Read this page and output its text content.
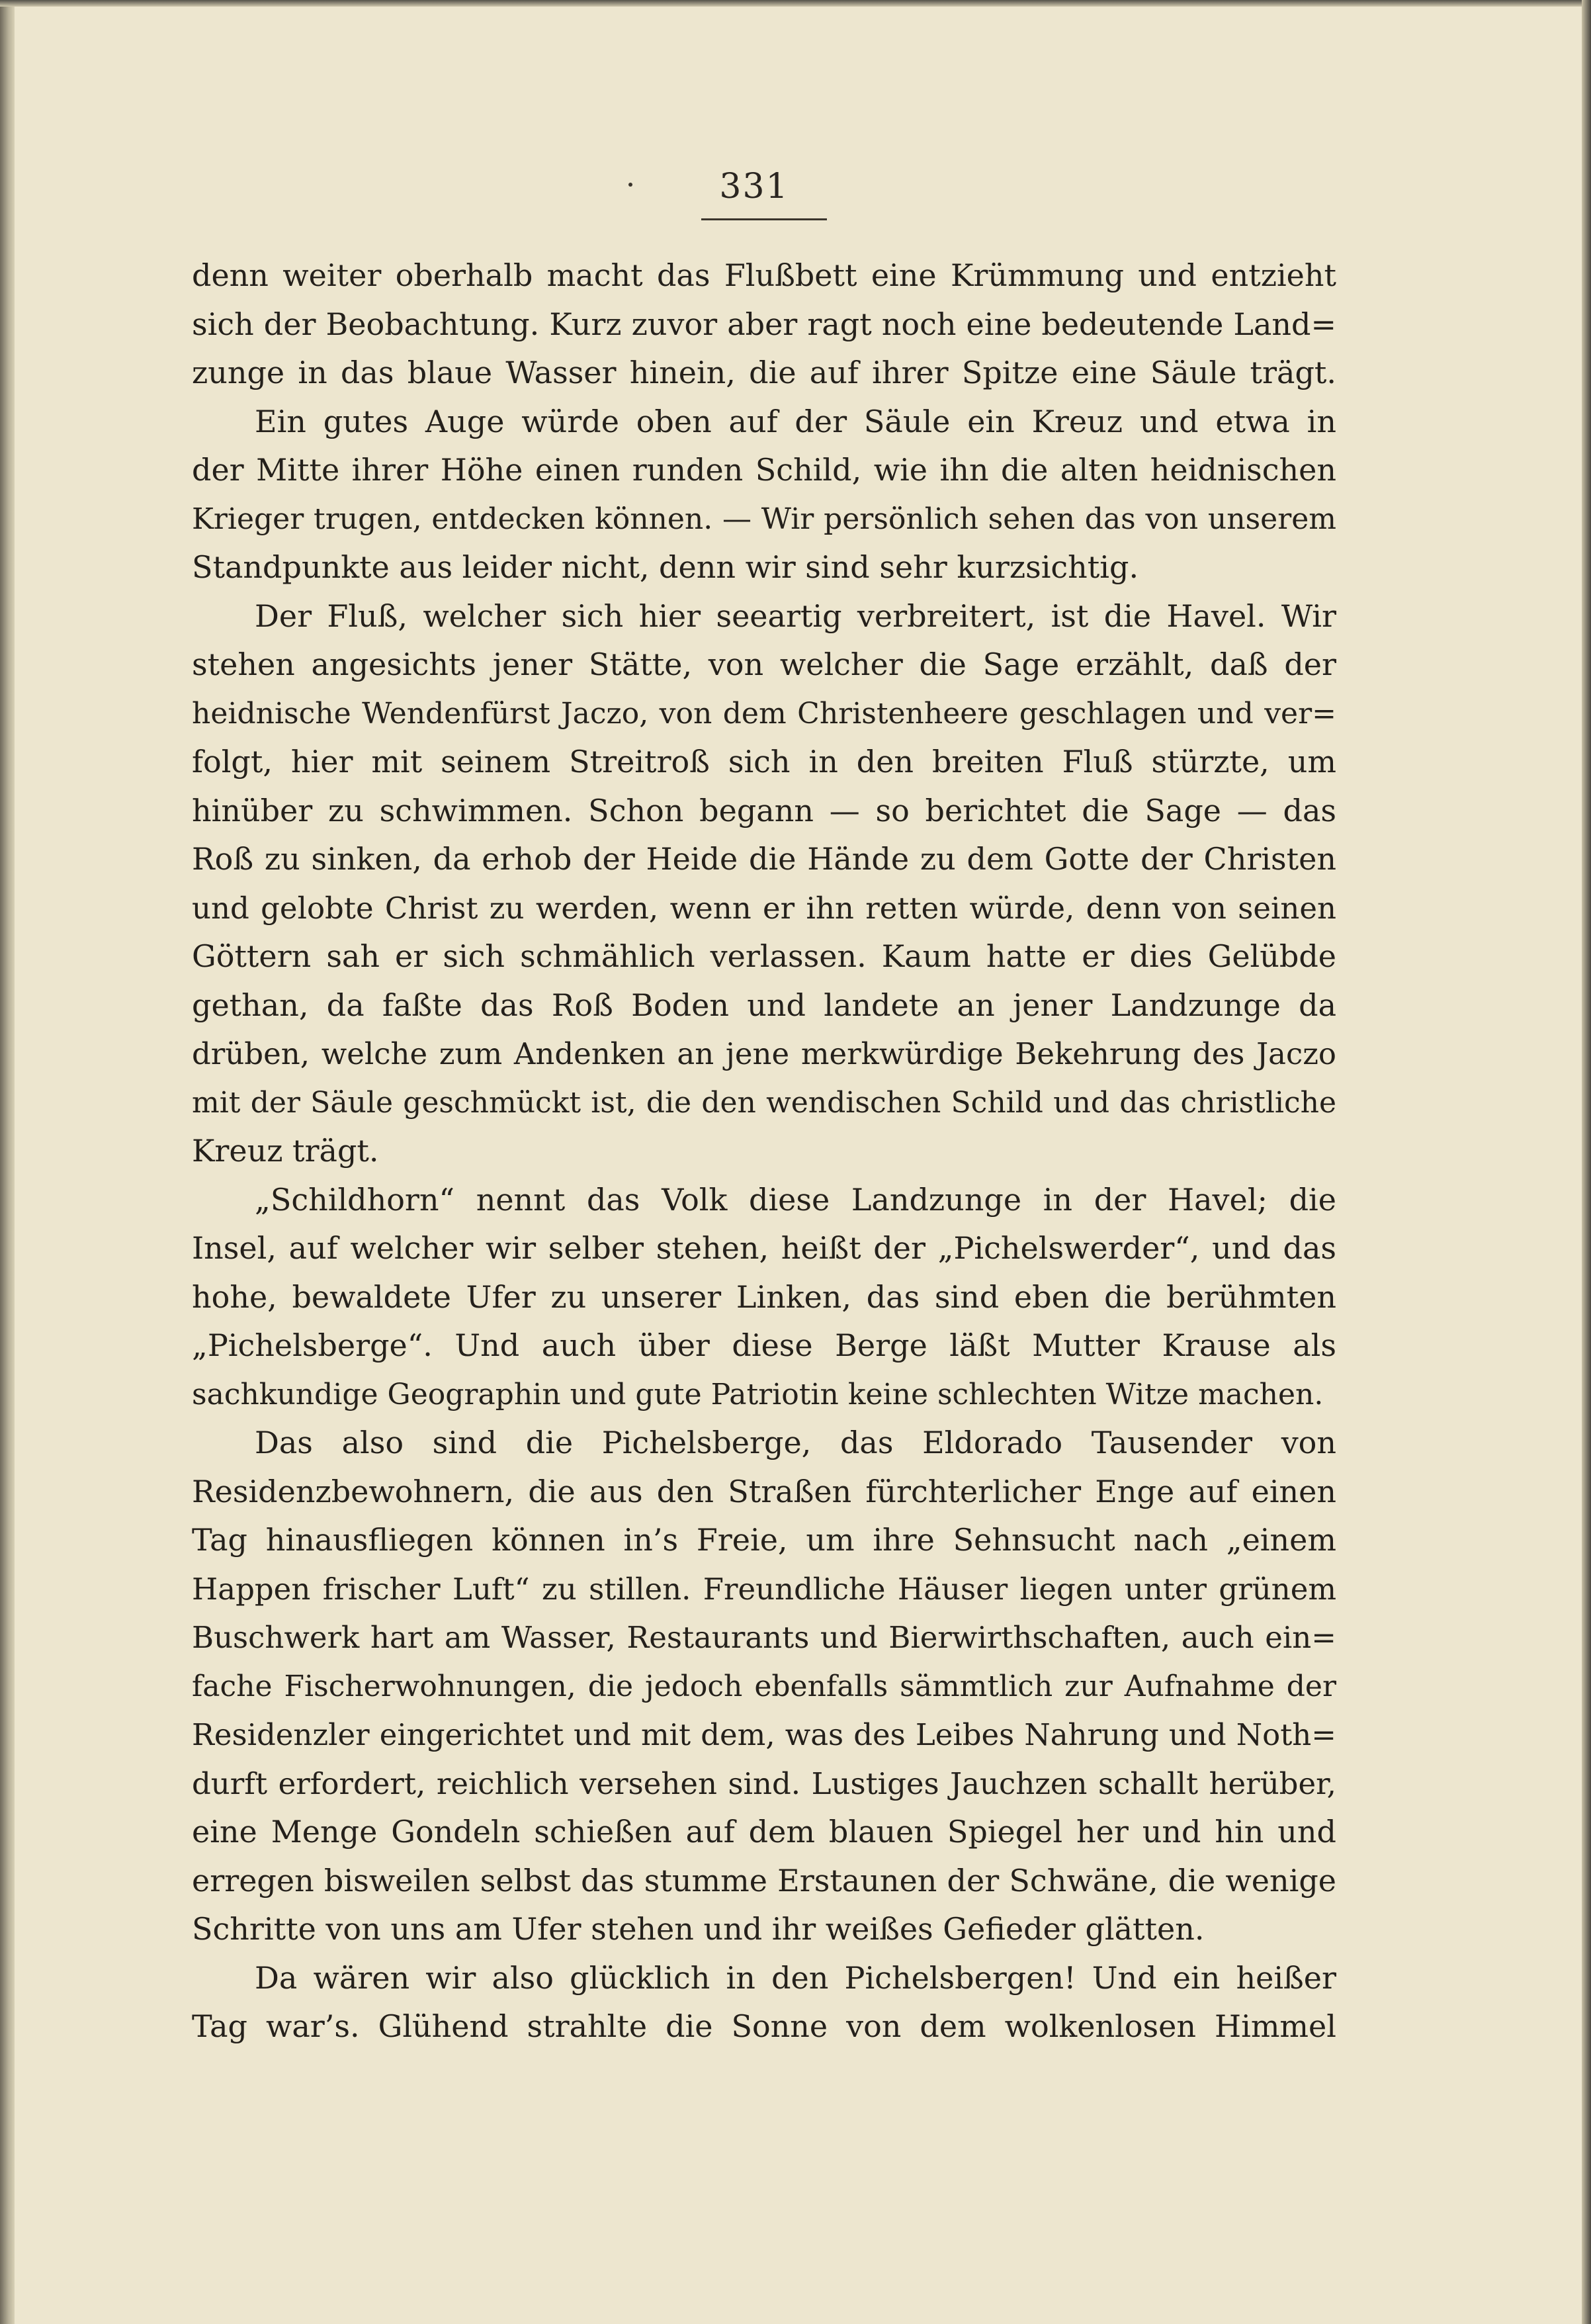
331
denn weiter oberhalb macht das Flußbett eine Krümmung und entzieht
sich der Beobachtung. Kurz zuvor aber ragt noch eine bedeutende Land=
zunge in das blaue Wasser hinein, die auf ihrer Spitze eine Säule trägt.
Ein gutes Auge würde oben auf der Säule ein Kreuz und etwa in
der Mitte ihrer Höhe einen runden Schild, wie ihn die alten heidnischen
Krieger trugen, entdecken können. — Wir persönlich sehen das von unserem
Standpunkte aus leider nicht, denn wir sind sehr kurzsichtig.
Der Fluß, welcher sich hier seeartig verbreitert, ist die Havel. Wir
stehen angesichts jener Stätte, von welcher die Sage erzählt, daß der
heidnische Wendenfürst Jaczo, von dem Christenheere geschlagen und ver=
folgt, hier mit seinem Streitroß sich in den breiten Fluß stürzte, um
hinüber zu schwimmen. Schon begann — so berichtet die Sage — das
Roß zu sinken, da erhob der Heide die Hände zu dem Gotte der Christen
und gelobte Christ zu werden, wenn er ihn retten würde, denn von seinen
Göttern sah er sich schmählich verlassen. Kaum hatte er dies Gelübde
gethan, da faßte das Roß Boden und landete an jener Landzunge da
drüben, welche zum Andenken an jene merkwürdige Bekehrung des Jaczo
mit der Säule geschmückt ist, die den wendischen Schild und das christliche
Kreuz trägt.
„Schildhorn“ nennt das Volk diese Landzunge in der Havel; die
Insel, auf welcher wir selber stehen, heißt der „Pichelswerder“, und das
hohe, bewaldete Ufer zu unserer Linken, das sind eben die berühmten
„Pichelsberge“. Und auch über diese Berge läßt Mutter Krause als
sachkundige Geographin und gute Patriotin keine schlechten Witze machen.
Das also sind die Pichelsberge, das Eldorado Tausender von
Residenzbewohnern, die aus den Straßen fürchterlicher Enge auf einen
Tag hinausfliegen können in’s Freie, um ihre Sehnsucht nach „einem
Happen frischer Luft“ zu stillen. Freundliche Häuser liegen unter grünem
Buschwerk hart am Wasser, Restaurants und Bierwirthschaften, auch ein=
fache Fischerwohnungen, die jedoch ebenfalls sämmtlich zur Aufnahme der
Residenzler eingerichtet und mit dem, was des Leibes Nahrung und Noth=
durft erfordert, reichlich versehen sind. Lustiges Jauchzen schallt herüber,
eine Menge Gondeln schießen auf dem blauen Spiegel her und hin und
erregen bisweilen selbst das stumme Erstaunen der Schwäne, die wenige
Schritte von uns am Ufer stehen und ihr weißes Gefieder glätten.
Da wären wir also glücklich in den Pichelsbergen! Und ein heißer
Tag war’s. Glühend strahlte die Sonne von dem wolkenlosen Himmel
